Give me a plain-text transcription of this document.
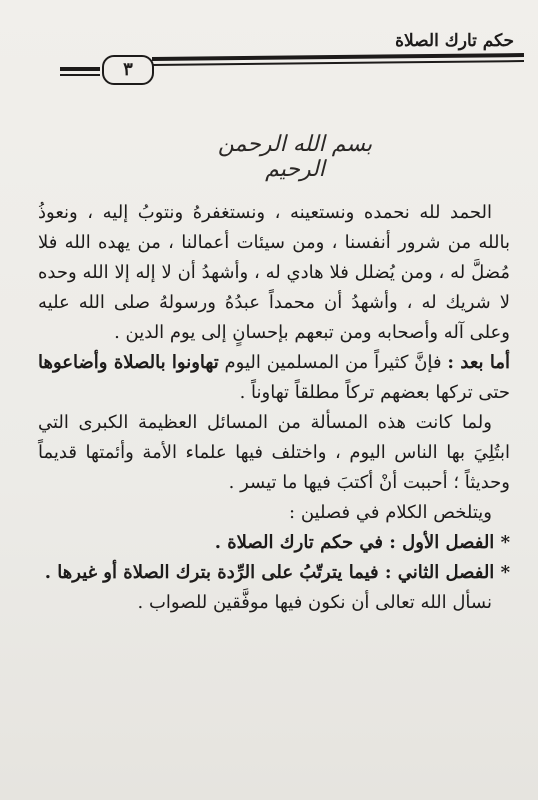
حكم تارك الصلاة
٣
بسم الله الرحمن الرحيم

الحمد لله نحمده ونستعينه ، ونستغفرهُ ونتوبُ إليه ، ونعوذُ بالله من شرور أنفسنا ، ومن سيئات أعمالنا ، من يهده الله فلا مُضلَّ له ، ومن يُضلل فلا هادي له ، وأشهدُ أن لا إله إلا الله وحده لا شريك له ، وأشهدُ أن محمداً عبدُهُ ورسولهُ صلى الله عليه وعلى آله وأصحابه ومن تبعهم بإحسانٍ إلى يوم الدين .

أما بعد : فإنَّ كثيراً من المسلمين اليوم تهاونوا بالصلاة وأضاعوها حتى تركها بعضهم تركاً مطلقاً تهاوناً .

ولما كانت هذه المسألة من المسائل العظيمة الكبرى التي ابتُلِيَ بها الناس اليوم ، واختلف فيها علماء الأمة وأئمتها قديماً وحديثاً ؛ أحببت أنْ أكتبَ فيها ما تيسر .

ويتلخص الكلام في فصلين :

* الفصل الأول : في حكم تارك الصلاة .

* الفصل الثاني : فيما يترتّبُ على الرِّدة بترك الصلاة أو غيرها .

نسأل الله تعالى أن نكون فيها موفَّقين للصواب .
